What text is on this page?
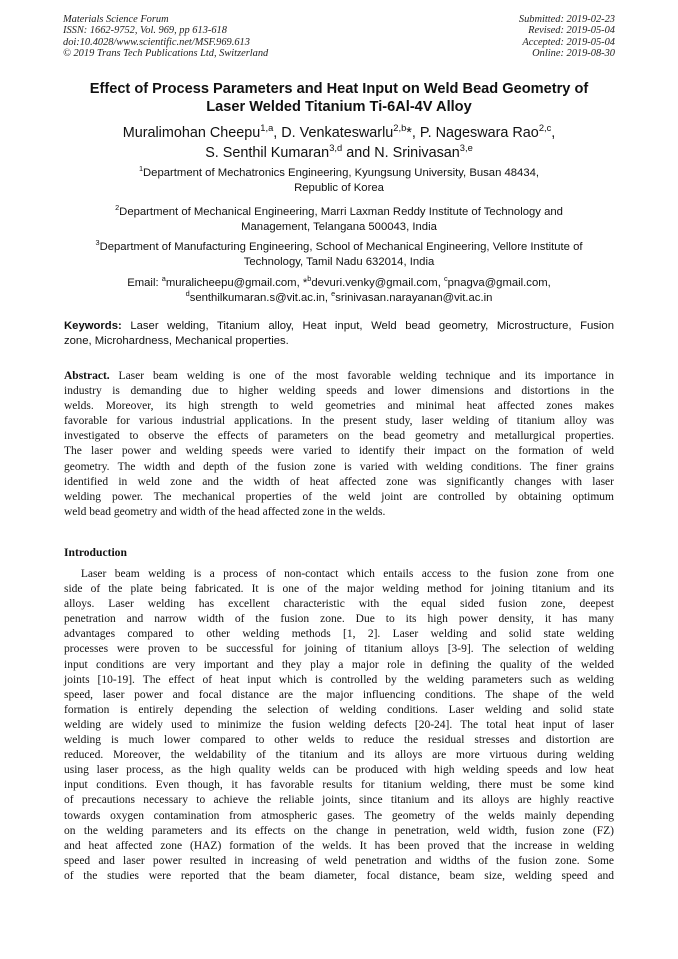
Materials Science Forum
ISSN: 1662-9752, Vol. 969, pp 613-618
doi:10.4028/www.scientific.net/MSF.969.613
© 2019 Trans Tech Publications Ltd, Switzerland
Submitted: 2019-02-23
Revised: 2019-05-04
Accepted: 2019-05-04
Online: 2019-08-30
Effect of Process Parameters and Heat Input on Weld Bead Geometry of
Laser Welded Titanium Ti-6Al-4V Alloy
Muralimohan Cheepu$^{1,a}$, D. Venkateswarlu$^{2,b}$*, P. Nageswara Rao$^{2,c}$,
S. Senthil Kumaran$^{3,d}$ and N. Srinivasan$^{3,e}$
$^1$Department of Mechatronics Engineering, Kyungsung University, Busan 48434,
Republic of Korea
$^2$Department of Mechanical Engineering, Marri Laxman Reddy Institute of Technology and
Management, Telangana 500043, India
$^3$Department of Manufacturing Engineering, School of Mechanical Engineering, Vellore Institute of
Technology, Tamil Nadu 632014, India
Email: $^a$muralicheepu@gmail.com, *$^b$devuri.venky@gmail.com, $^c$pnagva@gmail.com,
$^d$senthilkumaran.s@vit.ac.in, $^e$srinivasan.narayanan@vit.ac.in
Keywords: Laser welding, Titanium alloy, Heat input, Weld bead geometry, Microstructure, Fusion
zone, Microhardness, Mechanical properties.
Abstract. Laser beam welding is one of the most favorable welding technique and its importance in
industry is demanding due to higher welding speeds and lower dimensions and distortions in the
welds. Moreover, its high strength to weld geometries and minimal heat affected zones makes
favorable for various industrial applications. In the present study, laser welding of titanium alloy was
investigated to observe the effects of parameters on the bead geometry and metallurgical properties.
The laser power and welding speeds were varied to identify their impact on the formation of weld
geometry. The width and depth of the fusion zone is varied with welding conditions. The finer grains
identified in weld zone and the width of heat affected zone was significantly changes with laser
welding power. The mechanical properties of the weld joint are controlled by obtaining optimum
weld bead geometry and width of the head affected zone in the welds.
Introduction
Laser beam welding is a process of non-contact which entails access to the fusion zone from one
side of the plate being fabricated. It is one of the major welding method for joining titanium and its
alloys. Laser welding has excellent characteristic with the equal sided fusion zone, deepest
penetration and narrow width of the fusion zone. Due to its high power density, it has many
advantages compared to other welding methods [1, 2]. Laser welding and solid state welding
processes were proven to be successful for joining of titanium alloys [3-9]. The selection of welding
input conditions are very important and they play a major role in defining the quality of the welded
joints [10-19]. The effect of heat input which is controlled by the welding parameters such as welding
speed, laser power and focal distance are the major influencing conditions. The shape of the weld
formation is entirely depending the selection of welding conditions. Laser welding and solid state
welding are widely used to minimize the fusion welding defects [20-24]. The total heat input of laser
welding is much lower compared to other welds to reduce the residual stresses and distortion are
reduced. Moreover, the weldability of the titanium and its alloys are more virtuous during welding
using laser process, as the high quality welds can be produced with high welding speeds and low heat
input conditions. Even though, it has favorable results for titanium welding, there must be some kind
of precautions necessary to achieve the reliable joints, since titanium and its alloys are highly reactive
towards oxygen contamination from atmospheric gases. The geometry of the welds mainly depending
on the welding parameters and its effects on the change in penetration, weld width, fusion zone (FZ)
and heat affected zone (HAZ) formation of the welds. It has been proved that the increase in welding
speed and laser power resulted in increasing of weld penetration and widths of the fusion zone. Some
of the studies were reported that the beam diameter, focal distance, beam size, welding speed and
